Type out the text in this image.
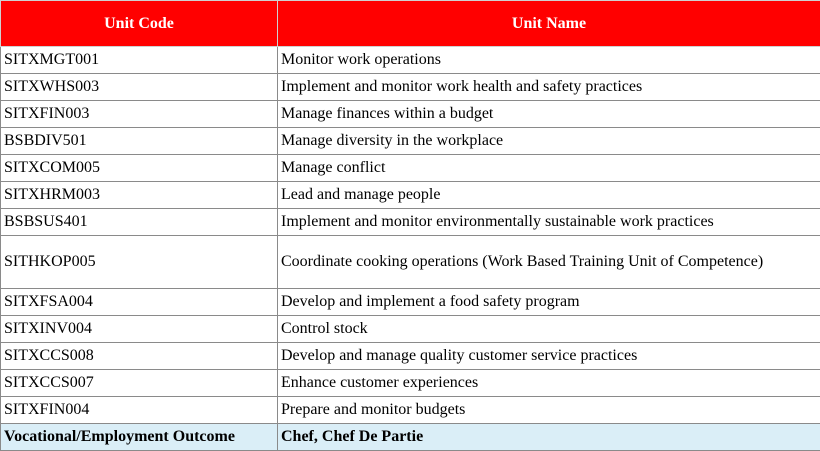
Unit Code	Unit Name
SITXMGT001	Monitor work operations
SITXWHS003	Implement and monitor work health and safety practices
SITXFIN003	Manage finances within a budget
BSBDIV501	Manage diversity in the workplace
SITXCOM005	Manage conflict
SITXHRM003	Lead and manage people
BSBSUS401	Implement and monitor environmentally sustainable work practices
SITHKOP005	Coordinate cooking operations (Work Based Training Unit of Competence)
SITXFSA004	Develop and implement a food safety program
SITXINV004	Control stock
SITXCCS008	Develop and manage quality customer service practices
SITXCCS007	Enhance customer experiences
SITXFIN004	Prepare and monitor budgets
Vocational/Employment Outcome	Chef, Chef De Partie
